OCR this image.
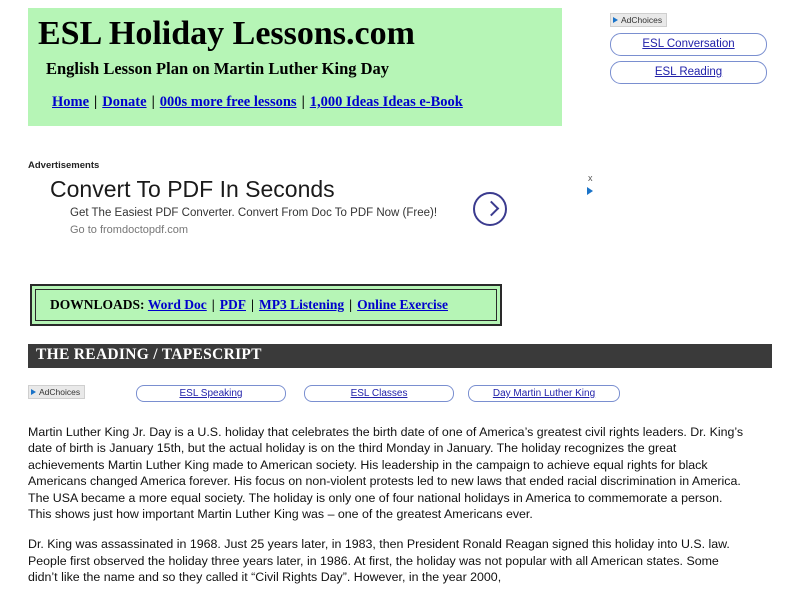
ESL Holiday Lessons.com
English Lesson Plan on Martin Luther King Day
Home | Donate | 000s more free lessons | 1,000 Ideas Ideas e-Book
AdChoices
ESL Conversation
ESL Reading
Advertisements
Convert To PDF In Seconds
Get The Easiest PDF Converter. Convert From Doc To PDF Now (Free)!
Go to fromdoctopdf.com
x
DOWNLOADS:
Word Doc | PDF | MP3 Listening | Online Exercise
THE READING / TAPESCRIPT
AdChoices	ESL Speaking	ESL Classes	Day Martin Luther King

Martin Luther King Jr. Day is a U.S. holiday that celebrates the birth date of one of America’s greatest civil rights leaders. Dr. King’s date of birth is January 15th, but the actual holiday is on the third Monday in January. The holiday recognizes the great achievements Martin Luther King made to American society. His leadership in the campaign to achieve equal rights for black Americans changed America forever. His focus on non-violent protests led to new laws that ended racial discrimination in America. The USA became a more equal society. The holiday is only one of four national holidays in America to commemorate a person. This shows just how important Martin Luther King was – one of the greatest Americans ever.

Dr. King was assassinated in 1968. Just 25 years later, in 1983, then President Ronald Reagan signed this holiday into U.S. law. People first observed the holiday three years later, in 1986. At first, the holiday was not popular with all American states. Some didn’t like the name and so they called it “Civil Rights Day”. However, in the year 2000,
